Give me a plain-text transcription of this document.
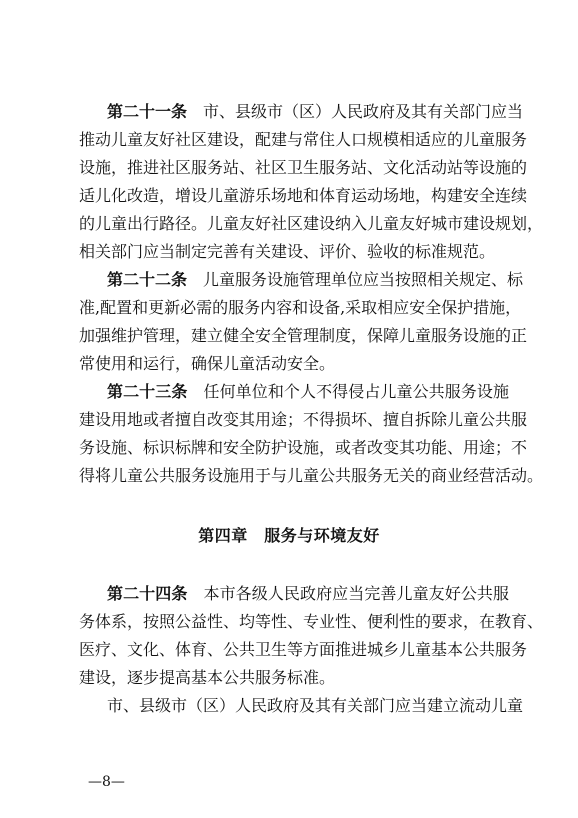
第二十一条　 市、县级市（区）人民政府及其有关部门应当
推动儿童友好社区建设，配建与常住人口规模相适应的儿童服务
设施，推进社区服务站、社区卫生服务站、文化活动站等设施的
适儿化改造，增设儿童游乐场地和体育运动场地，构建安全连续
的儿童出行路径。儿童友好社区建设纳入儿童友好城市建设规划，
相关部门应当制定完善有关建设、评价、验收的标准规范。
第二十二条　 儿童服务设施管理单位应当按照相关规定、标
准,配置和更新必需的服务内容和设备,采取相应安全保护措施，
加强维护管理，建立健全安全管理制度，保障儿童服务设施的正
常使用和运行，确保儿童活动安全。
第二十三条　 任何单位和个人不得侵占儿童公共服务设施
建设用地或者擅自改变其用途；不得损坏、擅自拆除儿童公共服
务设施、标识标牌和安全防护设施，或者改变其功能、用途；不
得将儿童公共服务设施用于与儿童公共服务无关的商业经营活动。
第四章　服务与环境友好
第二十四条　 本市各级人民政府应当完善儿童友好公共服
务体系，按照公益性、均等性、专业性、便利性的要求，在教育、
医疗、文化、体育、公共卫生等方面推进城乡儿童基本公共服务
建设，逐步提高基本公共服务标准。
市、县级市（区）人民政府及其有关部门应当建立流动儿童
—8—
